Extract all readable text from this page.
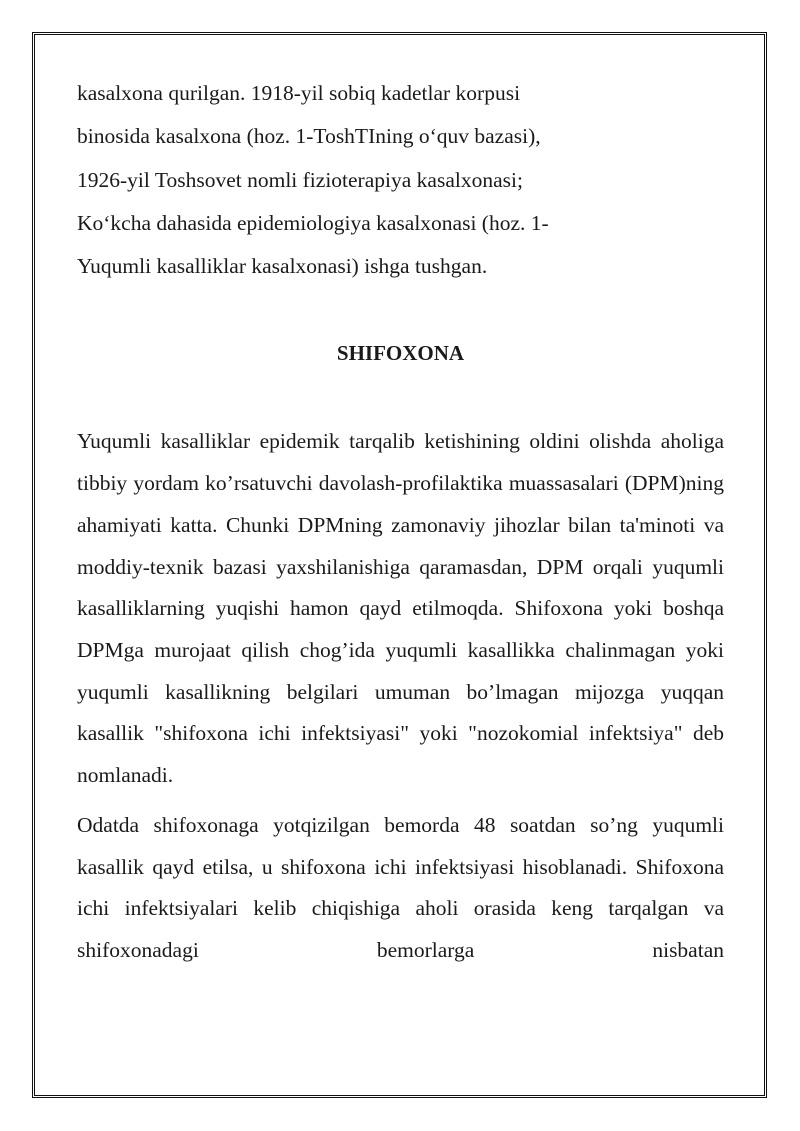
kasalxona qurilgan. 1918-yil sobiq kadetlar korpusi
binosida kasalxona (hoz. 1-ToshTIning o‘quv bazasi),
1926-yil Toshsovet nomli fizioterapiya kasalxonasi;
Ko‘kcha dahasida epidemiologiya kasalxonasi (hoz. 1-
Yuqumli kasalliklar kasalxonasi) ishga tushgan.
SHIFOXONA

Yuqumli kasalliklar epidemik tarqalib ketishining oldini olishda aholiga tibbiy yordam ko’rsatuvchi davolash-profilaktika muassasalari (DPM)ning ahamiyati katta. Chunki DPMning zamonaviy jihozlar bilan ta'minoti va moddiy-texnik bazasi yaxshilanishiga qaramasdan, DPM orqali yuqumli kasalliklarning yuqishi hamon qayd etilmoqda. Shifoxona yoki boshqa DPMga murojaat qilish chog’ida yuqumli kasallikka chalinmagan yoki yuqumli kasallikning belgilari umuman bo’lmagan mijozga yuqqan kasallik "shifoxona ichi infektsiyasi" yoki "nozokomial infektsiya" deb nomlanadi.

Odatda shifoxonaga yotqizilgan bemorda 48 soatdan so’ng yuqumli kasallik qayd etilsa, u shifoxona ichi infektsiyasi hisoblanadi. Shifoxona ichi infektsiyalari kelib chiqishiga aholi orasida keng tarqalgan va shifoxonadagi bemorlarga nisbatan
